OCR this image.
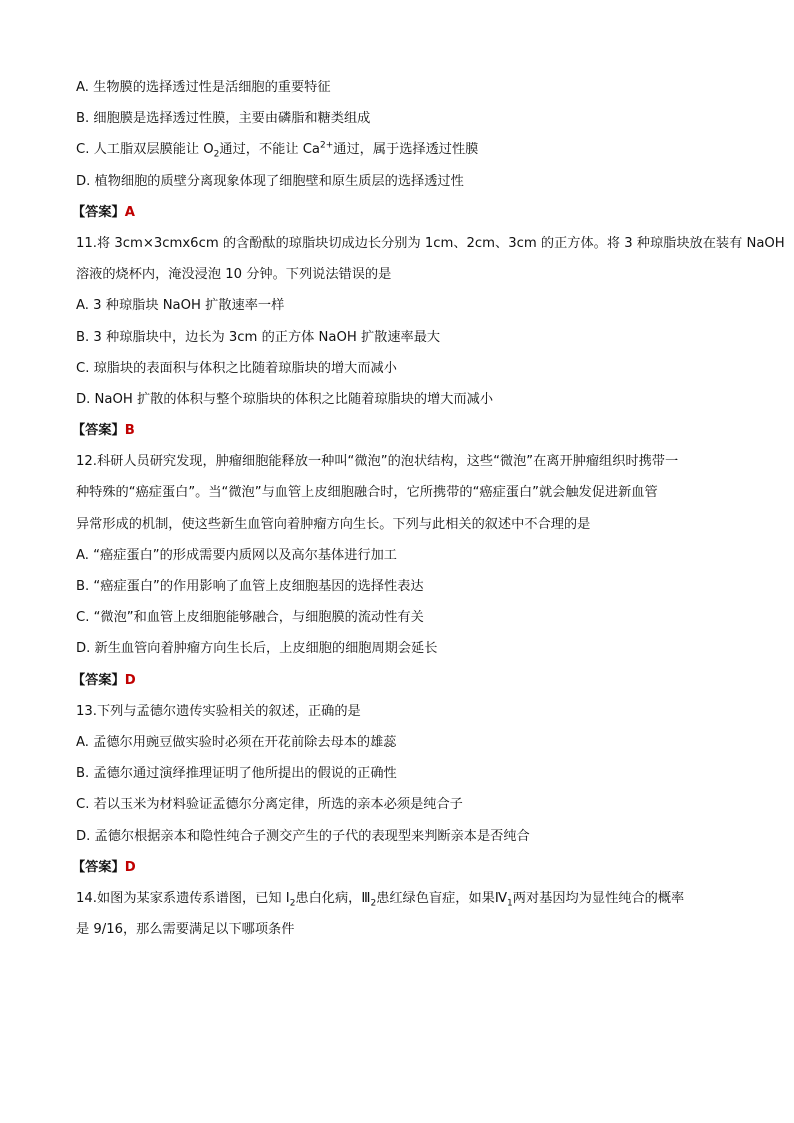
A. 生物膜的选择透过性是活细胞的重要特征
B. 细胞膜是选择透过性膜，主要由磷脂和糖类组成
C. 人工脂双层膜能让 $O_2$通过，不能让 $Ca^{2+}$通过，属于选择透过性膜
D. 植物细胞的质壁分离现象体现了细胞壁和原生质层的选择透过性
【答案】A
11.将 3cm×3cmx6cm 的含酚酞的琼脂块切成边长分别为 1cm、2cm、3cm 的正方体。将 3 种琼脂块放在装有 NaOH
溶液的烧杯内，淹没浸泡 10 分钟。下列说法错误的是
A. 3 种琼脂块 NaOH 扩散速率一样
B. 3 种琼脂块中，边长为 3cm 的正方体 NaOH 扩散速率最大
C. 琼脂块的表面积与体积之比随着琼脂块的增大而减小
D. NaOH 扩散的体积与整个琼脂块的体积之比随着琼脂块的增大而减小
【答案】B
12.科研人员研究发现，肿瘤细胞能释放一种叫“微泡”的泡状结构，这些“微泡”在离开肿瘤组织时携带一
种特殊的“癌症蛋白”。当“微泡”与血管上皮细胞融合时，它所携带的“癌症蛋白”就会触发促进新血管
异常形成的机制，使这些新生血管向着肿瘤方向生长。下列与此相关的叙述中不合理的是
A. “癌症蛋白”的形成需要内质网以及高尔基体进行加工
B. “癌症蛋白”的作用影响了血管上皮细胞基因的选择性表达
C. “微泡”和血管上皮细胞能够融合，与细胞膜的流动性有关
D. 新生血管向着肿瘤方向生长后，上皮细胞的细胞周期会延长
【答案】D
13.下列与孟德尔遗传实验相关的叙述，正确的是
A. 孟德尔用豌豆做实验时必须在开花前除去母本的雄蕊
B. 孟德尔通过演绎推理证明了他所提出的假说的正确性
C. 若以玉米为材料验证孟德尔分离定律，所选的亲本必须是纯合子
D. 孟德尔根据亲本和隐性纯合子测交产生的子代的表现型来判断亲本是否纯合
【答案】D
14.如图为某家系遗传系谱图，已知 $Ⅰ_2$患白化病，$Ⅲ_2$患红绿色盲症，如果$Ⅳ_1$两对基因均为显性纯合的概率
是 9/16，那么需要满足以下哪项条件
